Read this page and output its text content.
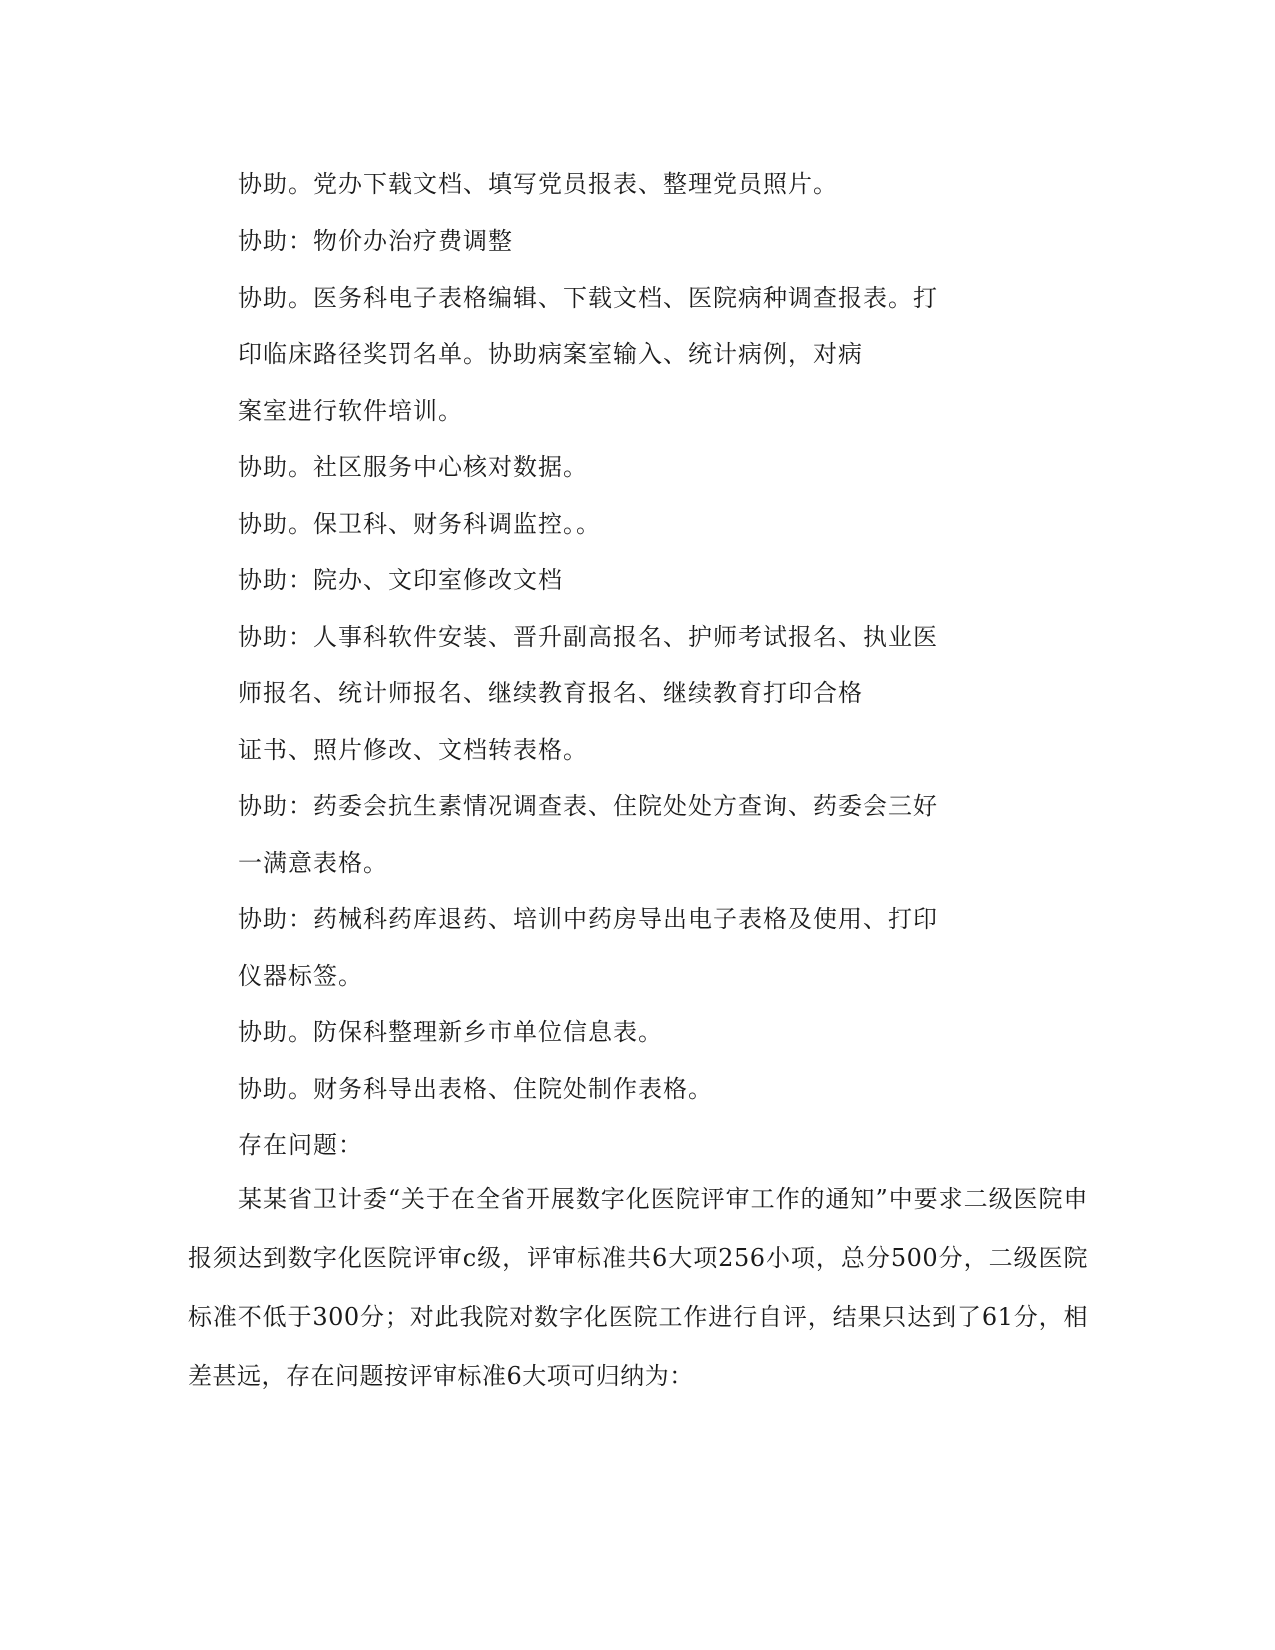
协助。党办下载文档、填写党员报表、整理党员照片。
协助：物价办治疗费调整
协助。医务科电子表格编辑、下载文档、医院病种调查报表。打
印临床路径奖罚名单。协助病案室输入、统计病例，对病
案室进行软件培训。
协助。社区服务中心核对数据。
协助。保卫科、财务科调监控。。
协助：院办、文印室修改文档
协助：人事科软件安装、晋升副高报名、护师考试报名、执业医
师报名、统计师报名、继续教育报名、继续教育打印合格
证书、照片修改、文档转表格。
协助：药委会抗生素情况调查表、住院处处方查询、药委会三好
一满意表格。
协助：药械科药库退药、培训中药房导出电子表格及使用、打印
仪器标签。
协助。防保科整理新乡市单位信息表。
协助。财务科导出表格、住院处制作表格。
存在问题：
某某省卫计委“关于在全省开展数字化医院评审工作的通知”中要求二级医院申报须达到数字化医院评审c级，评审标准共6大项256小项，总分500分，二级医院标准不低于300分；对此我院对数字化医院工作进行自评，结果只达到了61分，相差甚远，存在问题按评审标准6大项可归纳为：
